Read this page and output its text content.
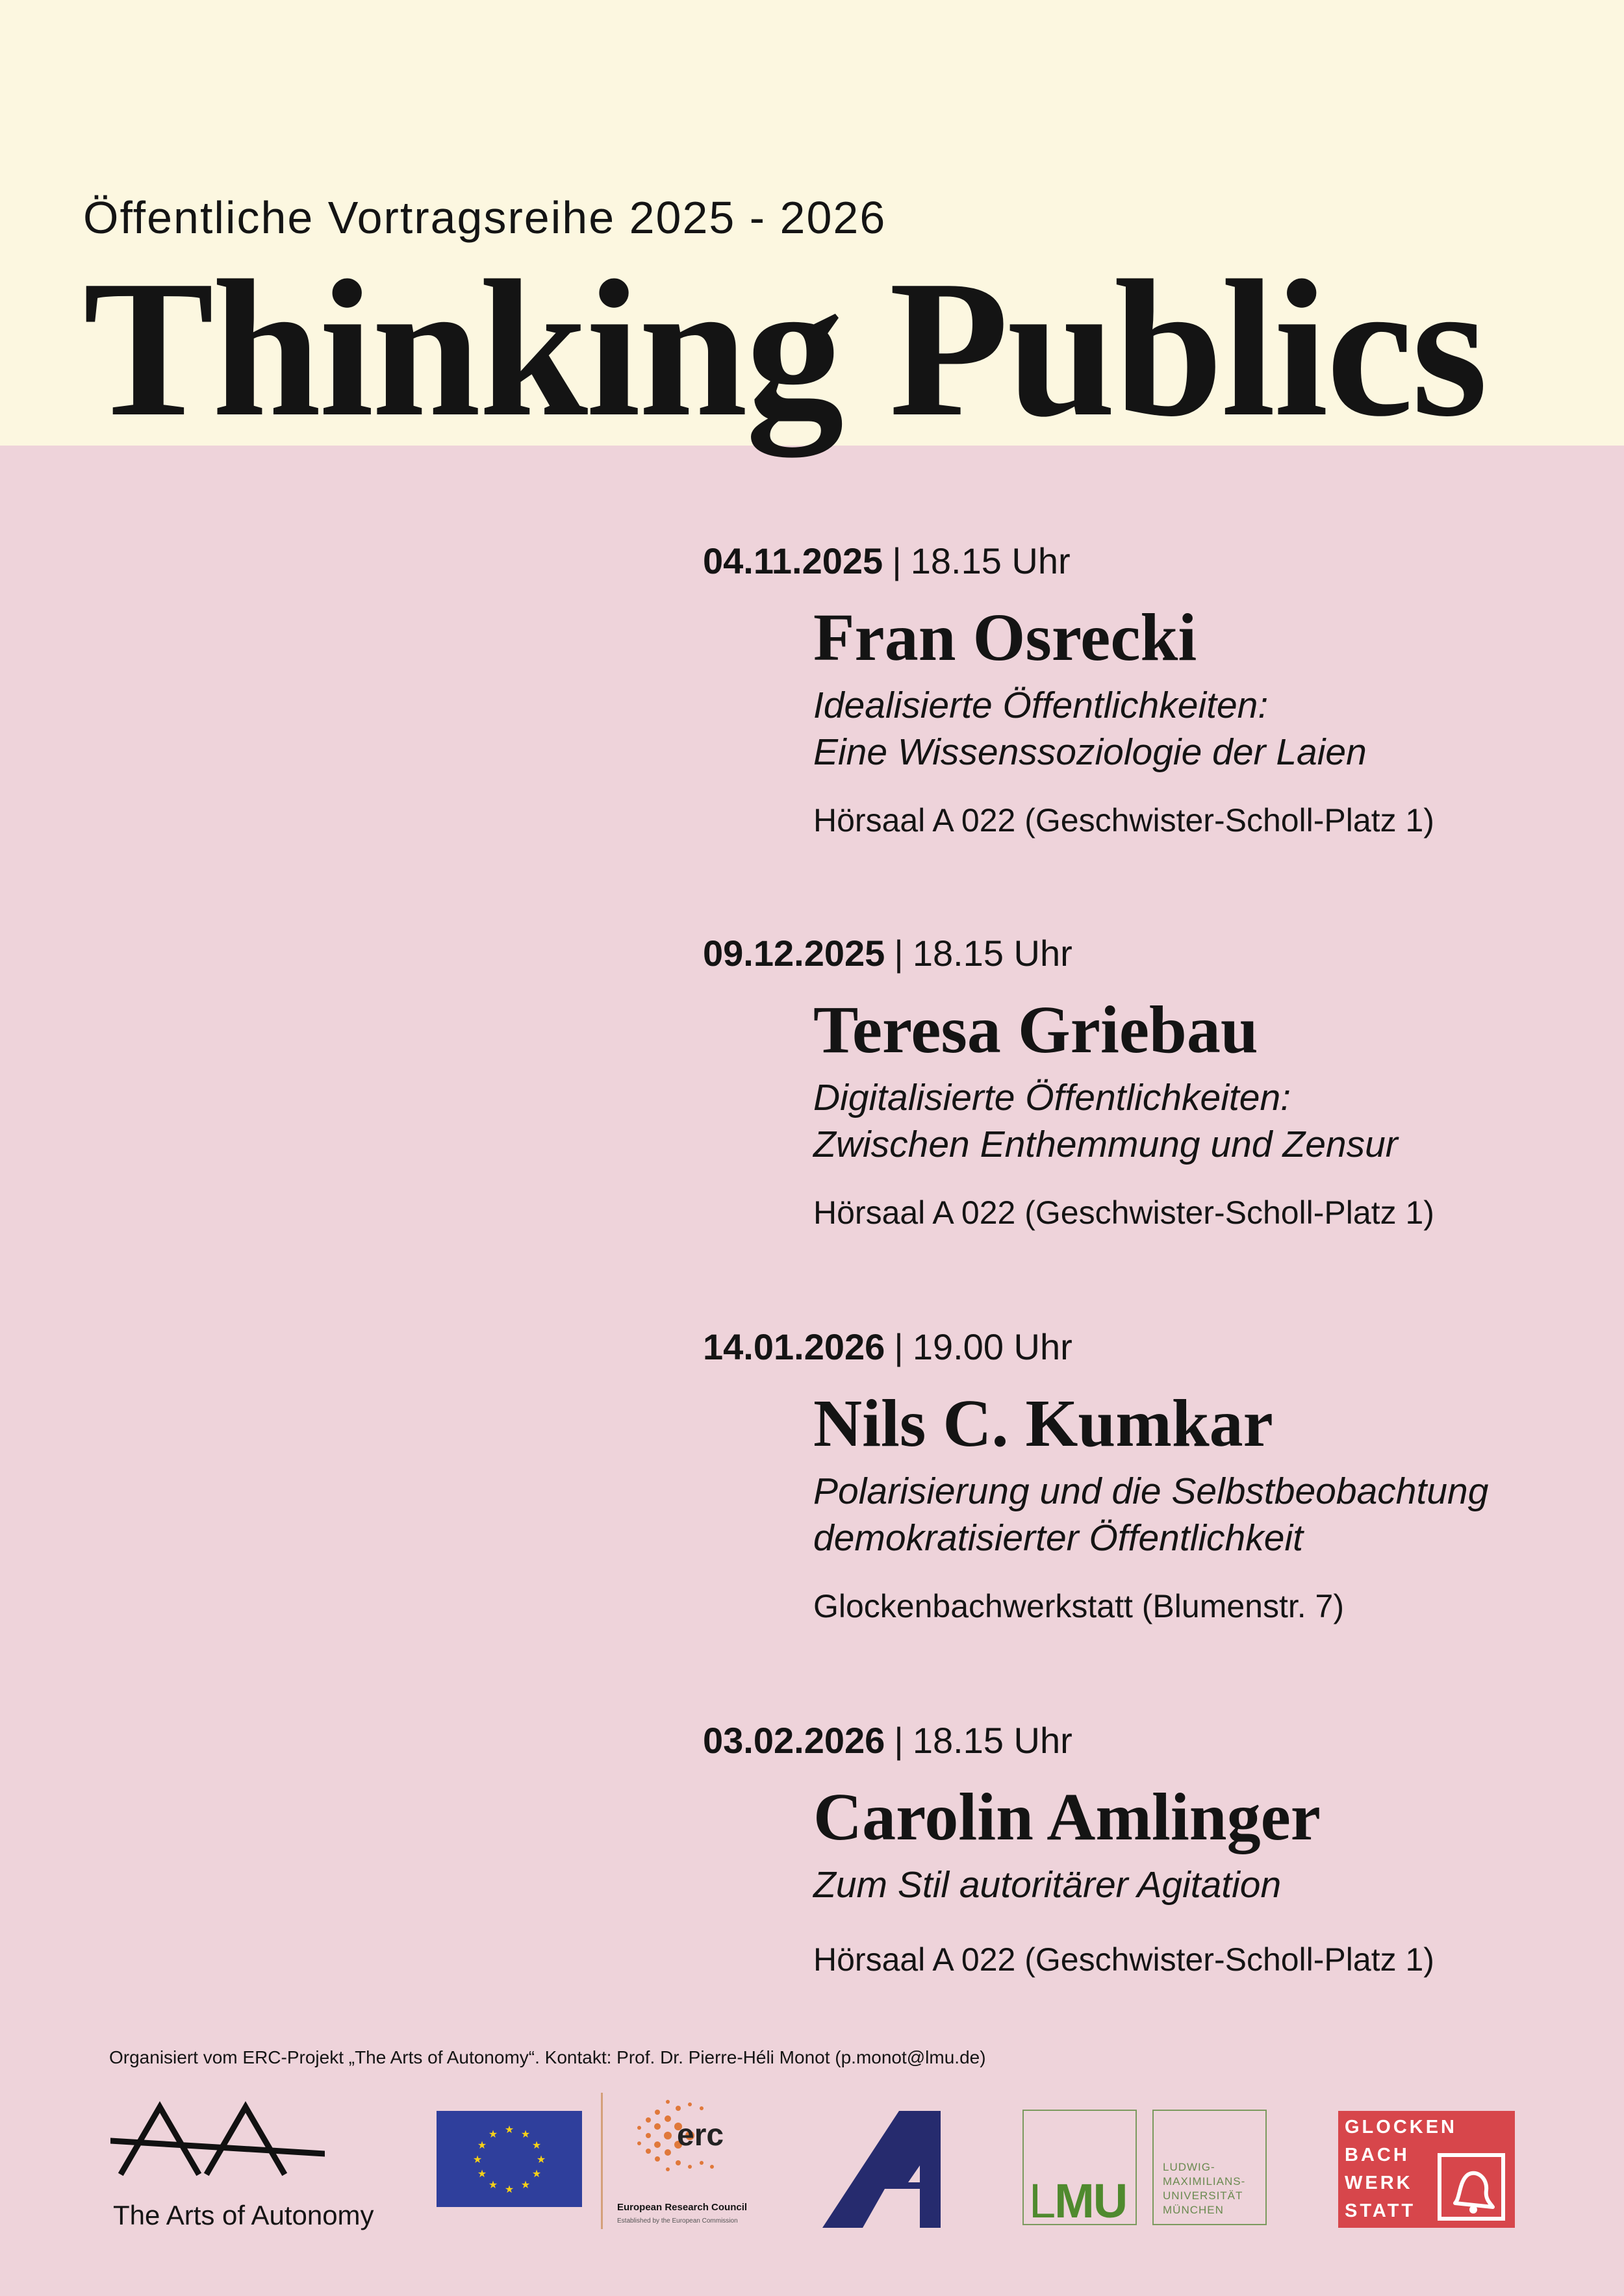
Öffentliche Vortragsreihe 2025 - 2026
Thinking Publics
04.11.2025 | 18.15 Uhr
Fran Osrecki
Idealisierte Öffentlichkeiten:
Eine Wissenssoziologie der Laien
Hörsaal A 022 (Geschwister-Scholl-Platz 1)
09.12.2025 | 18.15 Uhr
Teresa Griebau
Digitalisierte Öffentlichkeiten:
Zwischen Enthemmung und Zensur
Hörsaal A 022 (Geschwister-Scholl-Platz 1)
14.01.2026 | 19.00 Uhr
Nils C. Kumkar
Polarisierung und die Selbstbeobachtung
demokratisierter Öffentlichkeit
Glockenbachwerkstatt (Blumenstr. 7)
03.02.2026 | 18.15 Uhr
Carolin Amlinger
Zum Stil autoritärer Agitation
Hörsaal A 022 (Geschwister-Scholl-Platz 1)
Organisiert vom ERC-Projekt „The Arts of Autonomy“. Kontakt: Prof. Dr. Pierre-Héli Monot (p.monot@lmu.de)
The Arts of Autonomy
★ ★
★
★
★
★
★
★
★
★
★
★	erc
European Research Council
Established by the European Commission	LMU
LUDWIG-
MAXIMILIANS-
UNIVERSITÄT
MÜNCHEN
GLOCKEN
BACH
WERK
STATT
